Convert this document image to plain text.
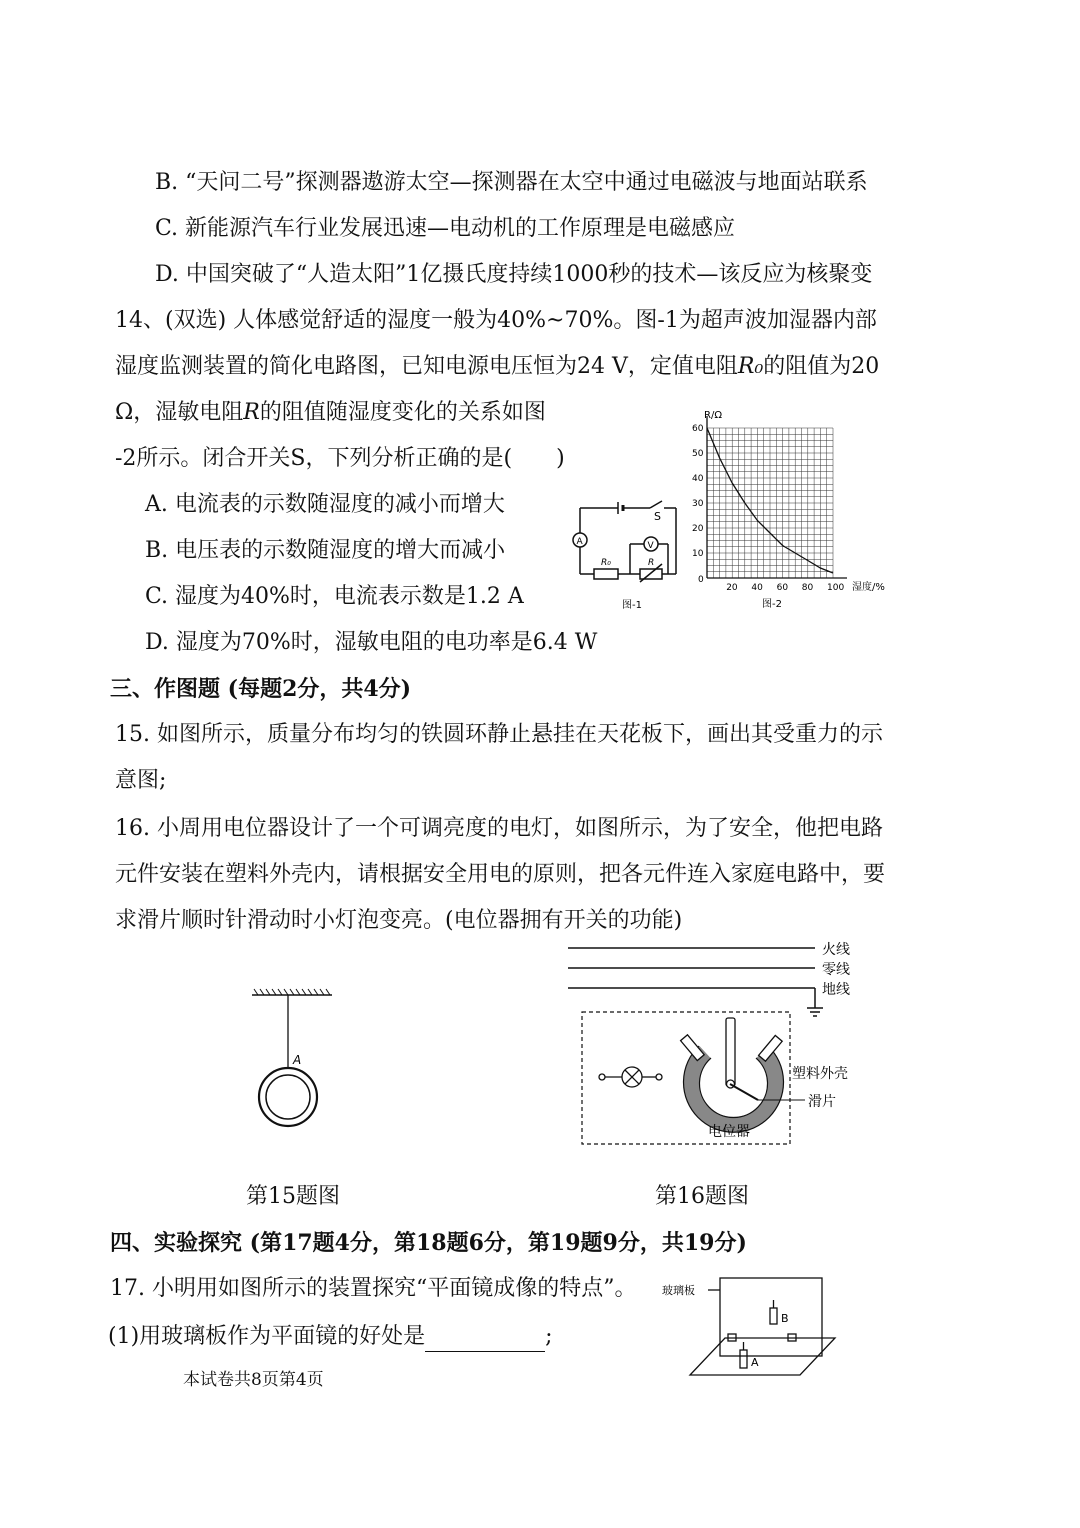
B. “天问二号”探测器遨游太空—探测器在太空中通过电磁波与地面站联系
C. 新能源汽车行业发展迅速—电动机的工作原理是电磁感应
D. 中国突破了“人造太阳”1亿摄氏度持续1000秒的技术—该反应为核聚变
14、(双选) 人体感觉舒适的湿度一般为40%~70%。图-1为超声波加湿器内部
湿度监测装置的简化电路图，已知电源电压恒为24 V，定值电阻R₀的阻值为20
Ω，湿敏电阻R的阻值随湿度变化的关系如图
-2所示。闭合开关S，下列分析正确的是(　　)
A. 电流表的示数随湿度的减小而增大
B. 电压表的示数随湿度的增大而减小
C. 湿度为40%时，电流表示数是1.2 A
D. 湿度为70%时，湿敏电阻的电功率是6.4 W
S
A	V
R₀	R
图-1
20 40 60 80 100
10
20
30
40
50
60
R/Ω
湿度/%
0
图-2
三、作图题 (每题2分，共4分)
15. 如图所示，质量分布均匀的铁圆环静止悬挂在天花板下，画出其受重力的示
意图;
16. 小周用电位器设计了一个可调亮度的电灯，如图所示，为了安全，他把电路
元件安装在塑料外壳内，请根据安全用电的原则，把各元件连入家庭电路中，要
求滑片顺时针滑动时小灯泡变亮。(电位器拥有开关的功能)
A
第15题图
火线
零线
地线
塑料外壳
滑片
电位器
第16题图
四、实验探究 (第17题4分，第18题6分，第19题9分，共19分)
17. 小明用如图所示的装置探究“平面镜成像的特点”。
(1)用玻璃板作为平面镜的好处是	;
玻璃板
B
A
本试卷共8页第4页
